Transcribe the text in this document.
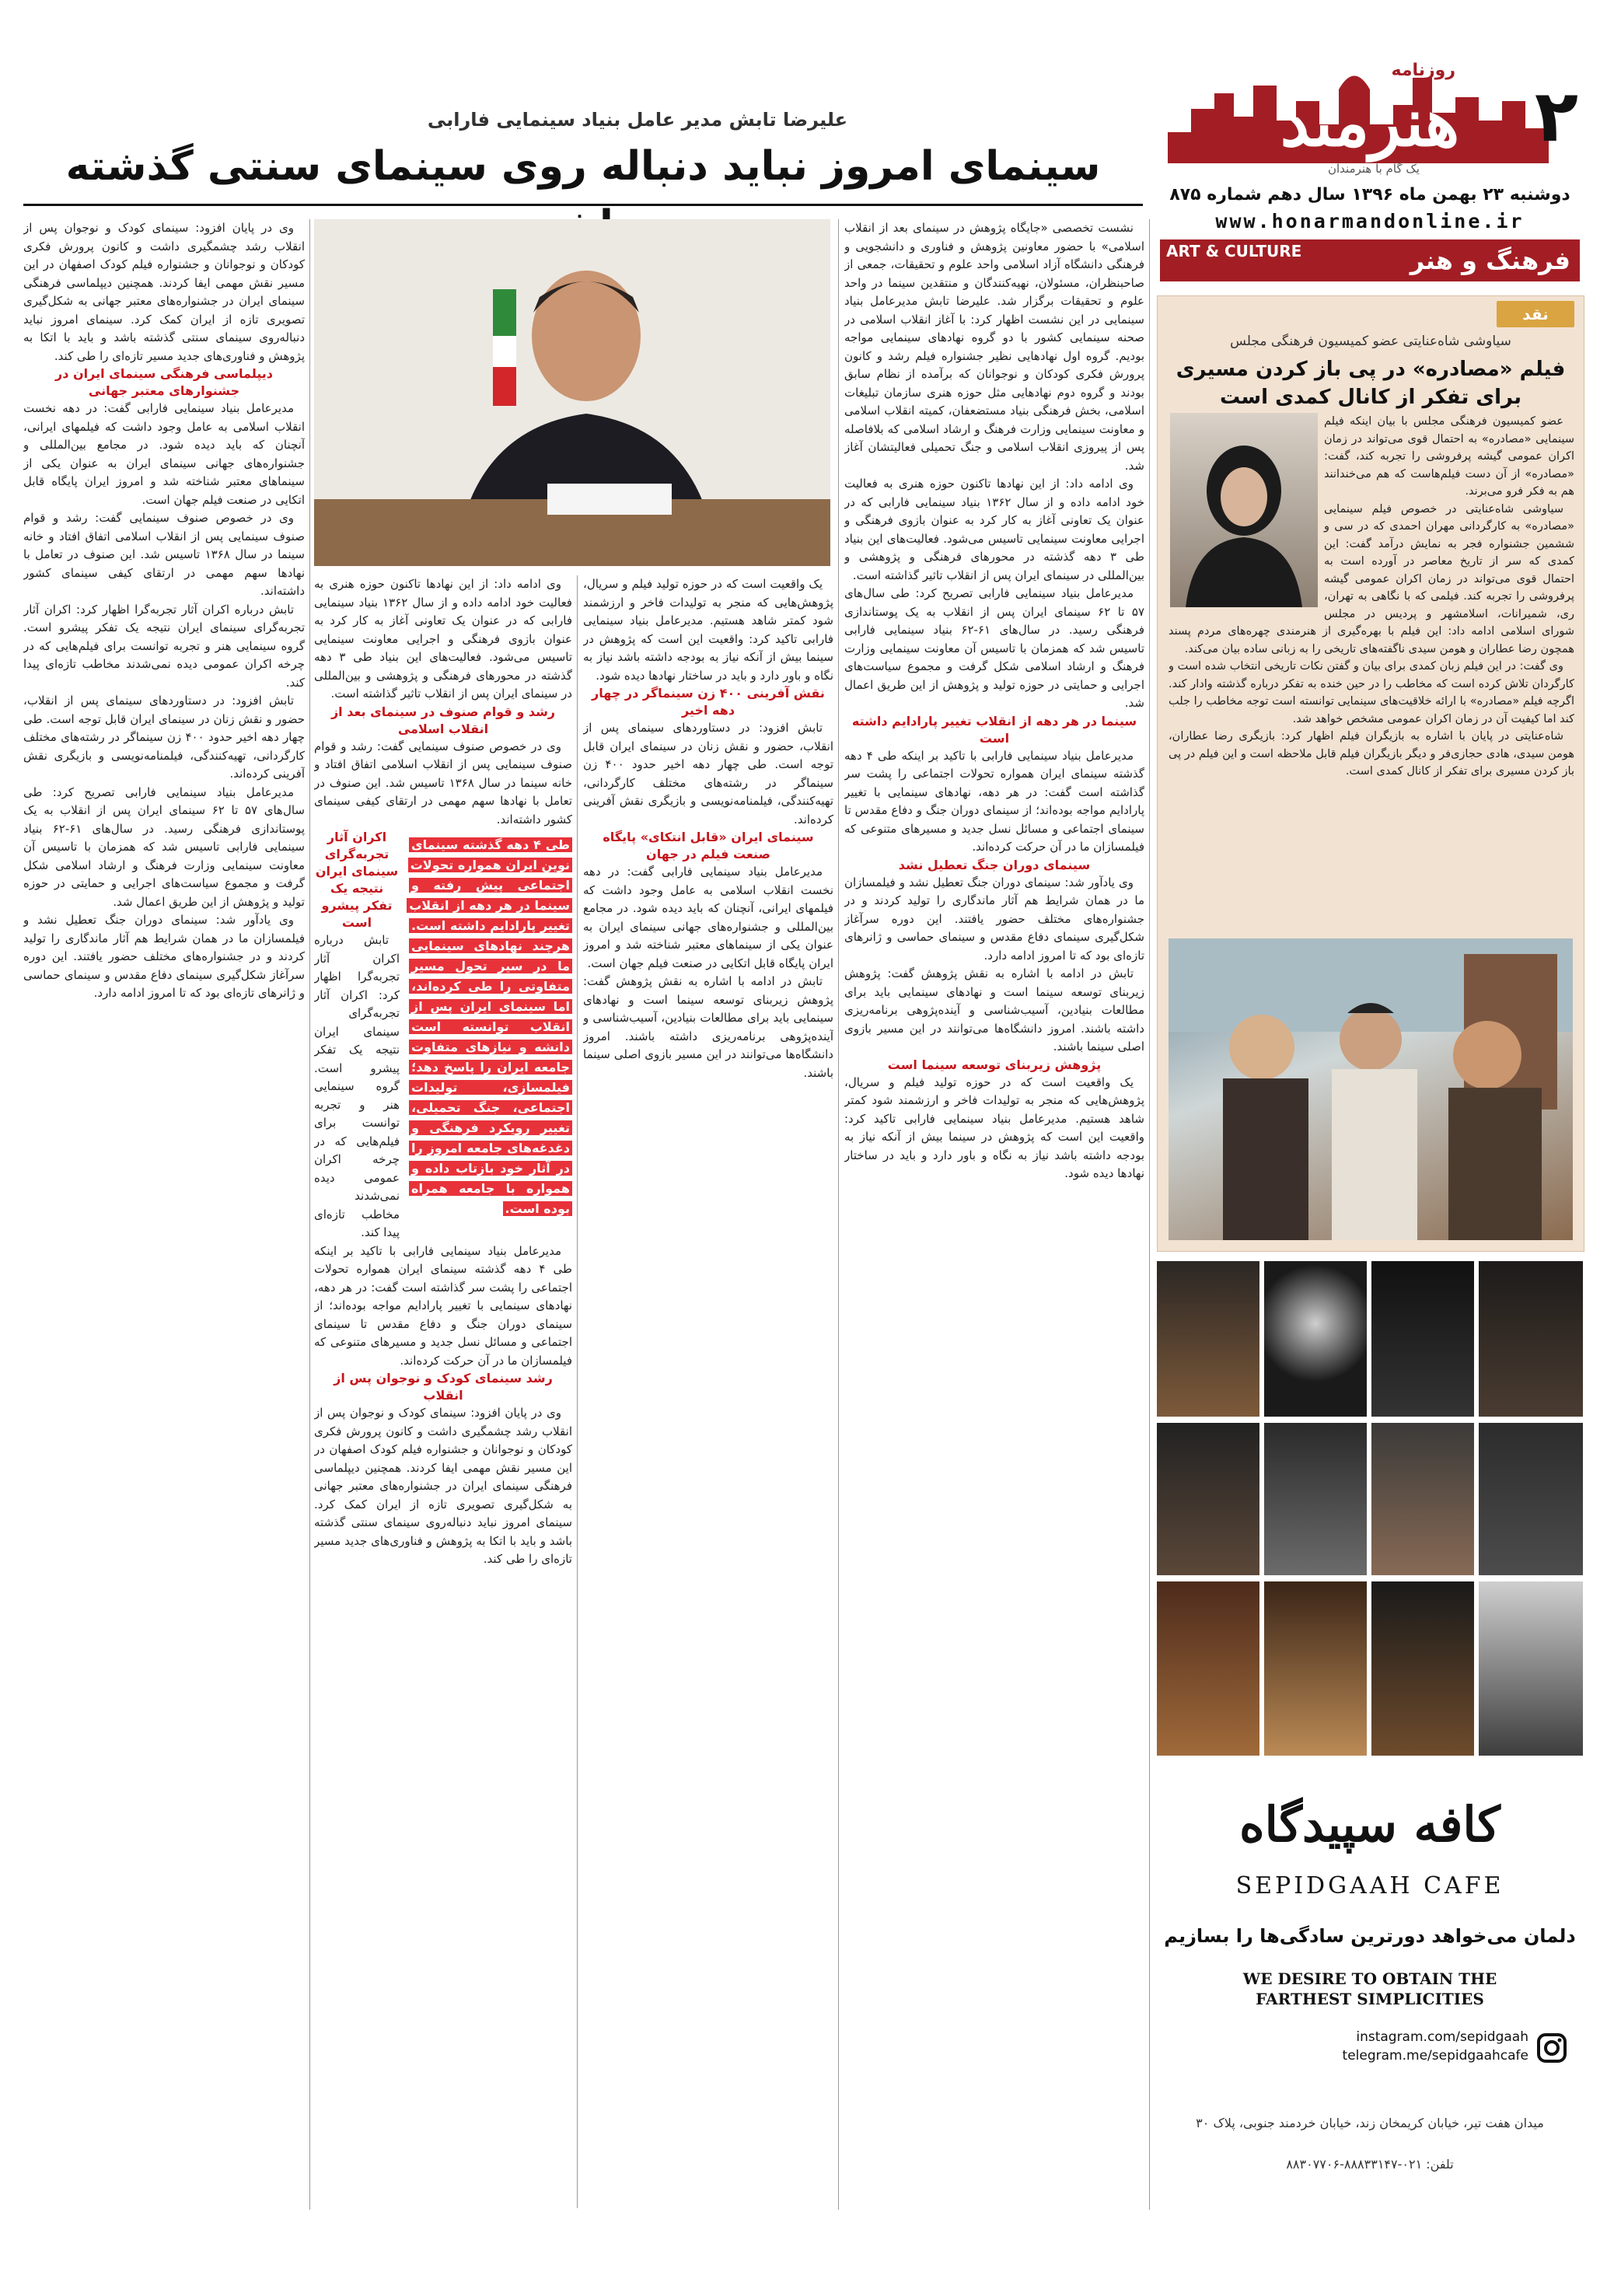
روزنامه
هنرمند	۲
یک گام با هنرمندان
دوشنبه ۲۳ بهمن ماه ۱۳۹۶ سال دهم شماره ۸۷۵
www.honarmandonline.ir
ART & CULTURE	فرهنگ و هنر
نقد
سیاوشی شاه‌عنایتی عضو کمیسیون فرهنگی مجلس
فیلم «مصادره» در پی باز کردن مسیری برای تفکر از کانال کمدی است

عضو کمیسیون فرهنگی مجلس با بیان اینکه فیلم سینمایی «مصادره» به احتمال قوی می‌تواند در زمان اکران عمومی گیشه پرفروشی را تجربه کند، گفت: «مصادره» از آن دست فیلم‌هاست که هم می‌خندانند هم به فکر فرو می‌برند.

سیاوشی شاه‌عنایتی در خصوص فیلم سینمایی «مصادره» به کارگردانی مهران احمدی که در سی و ششمین جشنواره فجر به نمایش درآمد گفت: این کمدی که سر از تاریخ معاصر در آورده است به احتمال قوی می‌تواند در زمان اکران عمومی گیشه پرفروشی را تجربه کند. فیلمی که با نگاهی به تهران، ری، شمیرانات، اسلامشهر و پردیس در مجلس شورای اسلامی ادامه داد: این فیلم با بهره‌گیری از هنرمندی چهره‌های مردم پسند همچون رضا عطاران و هومن سیدی ناگفته‌های تاریخی را به زبانی ساده بیان می‌کند.

وی گفت: در این فیلم زبان کمدی برای بیان و گفتن نکات تاریخی انتخاب شده است و کارگردان تلاش کرده است که مخاطب را در حین خنده به تفکر درباره گذشته وادار کند. اگرچه فیلم «مصادره» با ارائه خلاقیت‌های سینمایی توانسته است توجه مخاطب را جلب کند اما کیفیت آن در زمان اکران عمومی مشخص خواهد شد.

شاه‌عنایتی در پایان با اشاره به بازیگران فیلم اظهار کرد: بازیگری رضا عطاران، هومن سیدی، هادی حجازی‌فر و دیگر بازیگران فیلم قابل ملاحظه است و این فیلم در پی باز کردن مسیری برای تفکر از کانال کمدی است.

کافه سپیدگاه
SEPIDGAAH CAFE
دلمان می‌خواهد دورترین سادگی‌ها را بسازیم
WE DESIRE TO OBTAIN THE FARTHEST SIMPLICITIES
instagram.com/sepidgaah
telegram.me/sepidgaahcafe
میدان هفت تیر، خیابان کریمخان زند، خیابان خردمند جنوبی، پلاک ۳۰
تلفن: ۰۲۱-۸۸۸۳۳۱۴۷-۸۸۳۰۷۷۰۶
علیرضا تابش مدیر عامل بنیاد سینمایی فارابی
سینمای امروز نباید دنباله روی سینمای سنتی گذشته

نشست تخصصی «جایگاه پژوهش در سینمای بعد از انقلاب اسلامی» با حضور معاونین پژوهش و فناوری و دانشجویی و فرهنگی دانشگاه آزاد اسلامی واحد علوم و تحقیقات، جمعی از صاحبنظران، مسئولان، نهیه‌کنندگان و منتقدین سینما در واحد علوم و تحقیقات برگزار شد. علیرضا تابش مدیرعامل بنیاد سینمایی در این نشست اظهار کرد: با آغاز انقلاب اسلامی در صحنه سینمایی کشور با دو گروه نهادهای سینمایی مواجه بودیم. گروه اول نهادهایی نظیر جشنواره فیلم رشد و کانون پرورش فکری کودکان و نوجوانان که برآمده از نظام سابق بودند و گروه دوم نهادهایی مثل حوزه هنری سازمان تبلیغات اسلامی، بخش فرهنگی بنیاد مستضعفان، کمیته انقلاب اسلامی و معاونت سینمایی وزارت فرهنگ و ارشاد اسلامی که بلافاصله پس از پیروزی انقلاب اسلامی و جنگ تحمیلی فعالیتشان آغاز شد.

وی ادامه داد: از این نهادها تاکنون حوزه هنری به فعالیت خود ادامه داده و از سال ۱۳۶۲ بنیاد سینمایی فارابی که در عنوان یک تعاونی آغاز به کار کرد به عنوان بازوی فرهنگی و اجرایی معاونت سینمایی تاسیس می‌شود. فعالیت‌های این بنیاد طی ۳ دهه گذشته در محورهای فرهنگی و پژوهشی و بین‌المللی در سینمای ایران پس از انقلاب تاثیر گذاشته است.

مدیرعامل بنیاد سینمایی فارابی تصریح کرد: طی سال‌های ۵۷ تا ۶۲ سینمای ایران پس از انقلاب به یک پوستاندازی فرهنگی رسید. در سال‌های ۶۱-۶۲ بنیاد سینمایی فارابی تاسیس شد که همزمان با تاسیس آن معاونت سینمایی وزارت فرهنگ و ارشاد اسلامی شکل گرفت و مجموع سیاست‌های اجرایی و حمایتی در حوزه تولید و پژوهش از این طریق اعمال شد.

سینما در هر دهه از انقلاب تغییر پارادایم داشته است

مدیرعامل بنیاد سینمایی فارابی با تاکید بر اینکه طی ۴ دهه گذشته سینمای ایران همواره تحولات اجتماعی را پشت سر گذاشته است گفت: در هر دهه، نهادهای سینمایی با تغییر پارادایم مواجه بوده‌اند؛ از سینمای دوران جنگ و دفاع مقدس تا سینمای اجتماعی و مسائل نسل جدید و مسیرهای متنوعی که فیلمسازان ما در آن حرکت کرده‌اند.

سینمای دوران جنگ تعطیل نشد

وی یادآور شد: سینمای دوران جنگ تعطیل نشد و فیلمسازان ما در همان شرایط هم آثار ماندگاری را تولید کردند و در جشنواره‌های مختلف حضور یافتند. این دوره سرآغاز شکل‌گیری سینمای دفاع مقدس و سینمای حماسی و ژانرهای تازه‌ای بود که تا امروز ادامه دارد.

تابش در ادامه با اشاره به نقش پژوهش گفت: پژوهش زیربنای توسعه سینما است و نهادهای سینمایی باید برای مطالعات بنیادین، آسیب‌شناسی و آینده‌پژوهی برنامه‌ریزی داشته باشند. امروز دانشگاه‌ها می‌توانند در این مسیر بازوی اصلی سینما باشند.

پژوهش زیربنای توسعه سینما است

یک واقعیت است که در حوزه تولید فیلم و سریال، پژوهش‌هایی که منجر به تولیدات فاخر و ارزشمند شود کمتر شاهد هستیم. مدیرعامل بنیاد سینمایی فارابی تاکید کرد: واقعیت این است که پژوهش در سینما بیش از آنکه نیاز به بودجه داشته باشد نیاز به نگاه و باور دارد و باید در ساختار نهادها دیده شود.

یک واقعیت است که در حوزه تولید فیلم و سریال، پژوهش‌هایی که منجر به تولیدات فاخر و ارزشمند شود کمتر شاهد هستیم. مدیرعامل بنیاد سینمایی فارابی تاکید کرد: واقعیت این است که پژوهش در سینما بیش از آنکه نیاز به بودجه داشته باشد نیاز به نگاه و باور دارد و باید در ساختار نهادها دیده شود.

نقش آفرینی ۴۰۰ زن سینماگر در چهار دهه اخیر

تابش افزود: در دستاوردهای سینمای پس از انقلاب، حضور و نقش زنان در سینمای ایران قابل توجه است. طی چهار دهه اخیر حدود ۴۰۰ زن سینماگر در رشته‌های مختلف کارگردانی، تهیه‌کنندگی، فیلمنامه‌نویسی و بازیگری نقش آفرینی کرده‌اند.

سینمای ایران «قابل انتکای» پایگاه صنعت فیلم در جهان

مدیرعامل بنیاد سینمایی فارابی گفت: در دهه نخست انقلاب اسلامی به عامل وجود داشت که فیلمهای ایرانی، آنچنان که باید دیده شود. در مجامع بین‌المللی و جشنواره‌های جهانی سینمای ایران به عنوان یکی از سینماهای معتبر شناخته شد و امروز ایران پایگاه قابل اتکایی در صنعت فیلم جهان است.

تابش در ادامه با اشاره به نقش پژوهش گفت: پژوهش زیربنای توسعه سینما است و نهادهای سینمایی باید برای مطالعات بنیادین، آسیب‌شناسی و آینده‌پژوهی برنامه‌ریزی داشته باشند. امروز دانشگاه‌ها می‌توانند در این مسیر بازوی اصلی سینما باشند.

وی ادامه داد: از این نهادها تاکنون حوزه هنری به فعالیت خود ادامه داده و از سال ۱۳۶۲ بنیاد سینمایی فارابی که در عنوان یک تعاونی آغاز به کار کرد به عنوان بازوی فرهنگی و اجرایی معاونت سینمایی تاسیس می‌شود. فعالیت‌های این بنیاد طی ۳ دهه گذشته در محورهای فرهنگی و پژوهشی و بین‌المللی در سینمای ایران پس از انقلاب تاثیر گذاشته است.

رشد و قوام صنوف در سینمای بعد از انقلاب اسلامی

وی در خصوص صنوف سینمایی گفت: رشد و قوام صنوف سینمایی پس از انقلاب اسلامی اتفاق افتاد و خانه سینما در سال ۱۳۶۸ تاسیس شد. این صنوف در تعامل با نهادها سهم مهمی در ارتقای کیفی سینمای کشور داشته‌اند.

طی ۴ دهه گذشته سینمای نوین ایران همواره تحولات اجتماعی پیش رفته و سینما در هر دهه از انقلاب تغییر پارادایم داشته است. هرچند نهادهای سینمایی ما در سیر تحول مسیر متفاوتی را طی کرده‌اند، اما سینمای ایران پس از انقلاب توانسته است دانشه و نیازهای متفاوت جامعه ایران را پاسخ دهد؛ فیلمسازی، تولیدات اجتماعی، جنگ تحمیلی، تغییر رویکرد فرهنگی و دغدغه‌های جامعه امروز را در آثار خود بازتاب داده و همواره با جامعه همراه بوده است.

اکران آثار تجربه‌گرای سینمای ایران نتیجه یک تفکر پیشرو است

تابش درباره اکران آثار تجربه‌گرا اظهار کرد: اکران آثار تجربه‌گرای سینمای ایران نتیجه یک تفکر پیشرو است. گروه سینمایی هنر و تجربه توانست برای فیلم‌هایی که در چرخه اکران عمومی دیده نمی‌شدند مخاطب تازه‌ای پیدا کند.

مدیرعامل بنیاد سینمایی فارابی با تاکید بر اینکه طی ۴ دهه گذشته سینمای ایران همواره تحولات اجتماعی را پشت سر گذاشته است گفت: در هر دهه، نهادهای سینمایی با تغییر پارادایم مواجه بوده‌اند؛ از سینمای دوران جنگ و دفاع مقدس تا سینمای اجتماعی و مسائل نسل جدید و مسیرهای متنوعی که فیلمسازان ما در آن حرکت کرده‌اند.

رشد سینمای کودک و نوجوان پس از انقلاب

وی در پایان افزود: سینمای کودک و نوجوان پس از انقلاب رشد چشمگیری داشت و کانون پرورش فکری کودکان و نوجوانان و جشنواره فیلم کودک اصفهان در این مسیر نقش مهمی ایفا کردند. همچنین دیپلماسی فرهنگی سینمای ایران در جشنواره‌های معتبر جهانی به شکل‌گیری تصویری تازه از ایران کمک کرد. سینمای امروز نباید دنباله‌روی سینمای سنتی گذشته باشد و باید با اتکا به پژوهش و فناوری‌های جدید مسیر تازه‌ای را طی کند.

وی در پایان افزود: سینمای کودک و نوجوان پس از انقلاب رشد چشمگیری داشت و کانون پرورش فکری کودکان و نوجوانان و جشنواره فیلم کودک اصفهان در این مسیر نقش مهمی ایفا کردند. همچنین دیپلماسی فرهنگی سینمای ایران در جشنواره‌های معتبر جهانی به شکل‌گیری تصویری تازه از ایران کمک کرد. سینمای امروز نباید دنباله‌روی سینمای سنتی گذشته باشد و باید با اتکا به پژوهش و فناوری‌های جدید مسیر تازه‌ای را طی کند.

دیپلماسی فرهنگی سینمای ایران در جشنوارهای معتبر جهانی

مدیرعامل بنیاد سینمایی فارابی گفت: در دهه نخست انقلاب اسلامی به عامل وجود داشت که فیلمهای ایرانی، آنچنان که باید دیده شود. در مجامع بین‌المللی و جشنواره‌های جهانی سینمای ایران به عنوان یکی از سینماهای معتبر شناخته شد و امروز ایران پایگاه قابل اتکایی در صنعت فیلم جهان است.

وی در خصوص صنوف سینمایی گفت: رشد و قوام صنوف سینمایی پس از انقلاب اسلامی اتفاق افتاد و خانه سینما در سال ۱۳۶۸ تاسیس شد. این صنوف در تعامل با نهادها سهم مهمی در ارتقای کیفی سینمای کشور داشته‌اند.

تابش درباره اکران آثار تجربه‌گرا اظهار کرد: اکران آثار تجربه‌گرای سینمای ایران نتیجه یک تفکر پیشرو است. گروه سینمایی هنر و تجربه توانست برای فیلم‌هایی که در چرخه اکران عمومی دیده نمی‌شدند مخاطب تازه‌ای پیدا کند.

تابش افزود: در دستاوردهای سینمای پس از انقلاب، حضور و نقش زنان در سینمای ایران قابل توجه است. طی چهار دهه اخیر حدود ۴۰۰ زن سینماگر در رشته‌های مختلف کارگردانی، تهیه‌کنندگی، فیلمنامه‌نویسی و بازیگری نقش آفرینی کرده‌اند.

مدیرعامل بنیاد سینمایی فارابی تصریح کرد: طی سال‌های ۵۷ تا ۶۲ سینمای ایران پس از انقلاب به یک پوستاندازی فرهنگی رسید. در سال‌های ۶۱-۶۲ بنیاد سینمایی فارابی تاسیس شد که همزمان با تاسیس آن معاونت سینمایی وزارت فرهنگ و ارشاد اسلامی شکل گرفت و مجموع سیاست‌های اجرایی و حمایتی در حوزه تولید و پژوهش از این طریق اعمال شد.

وی یادآور شد: سینمای دوران جنگ تعطیل نشد و فیلمسازان ما در همان شرایط هم آثار ماندگاری را تولید کردند و در جشنواره‌های مختلف حضور یافتند. این دوره سرآغاز شکل‌گیری سینمای دفاع مقدس و سینمای حماسی و ژانرهای تازه‌ای بود که تا امروز ادامه دارد.
